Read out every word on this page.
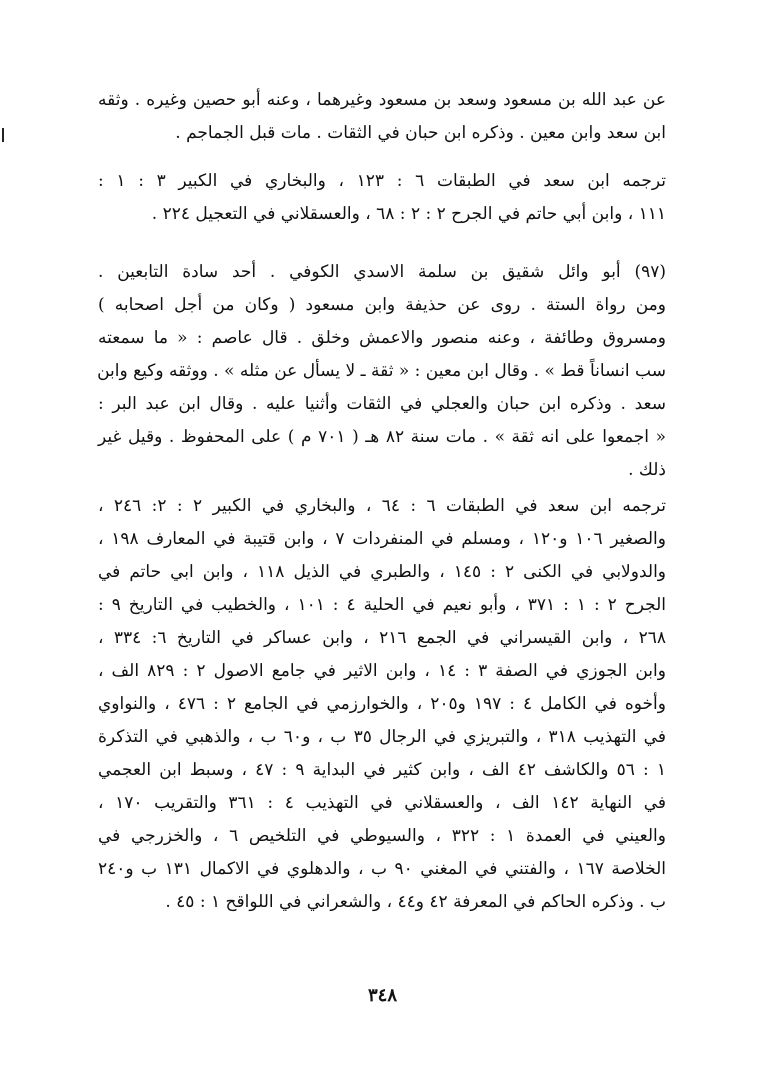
عن عبد الله بن مسعود وسعد بن مسعود وغيرهما ، وعنه أبو حصين وغيره . وثقه
ابن سعد وابن معين . وذكره ابن حبان في الثقات . مات قبل الجماجم .
ترجمه ابن سعد في الطبقات ٦ : ١٢٣ ، والبخاري في الكبير ٣ : ١ :
١١١ ، وابن أبي حاتم في الجرح ٢ : ٢ : ٦٨ ، والعسقلاني في التعجيل ٢٢٤ .
(٩٧) أبو وائل شقيق بن سلمة الاسدي الكوفي . أحد سادة التابعين .
ومن رواة الستة . روى عن حذيفة وابن مسعود ( وكان من أجل اصحابه )
ومسروق وطائفة ، وعنه منصور والاعمش وخلق . قال عاصم : « ما سمعته
سب انساناً قط » . وقال ابن معين : « ثقة ـ لا يسأل عن مثله » . ووثقه وكيع وابن
سعد . وذكره ابن حبان والعجلي في الثقات وأثنيا عليه . وقال ابن عبد البر :
« اجمعوا على انه ثقة » . مات سنة ٨٢ هـ ( ٧٠١ م ) على المحفوظ . وقيل غير
ذلك .
ترجمه ابن سعد في الطبقات ٦ : ٦٤ ، والبخاري في الكبير ٢ : ٢: ٢٤٦ ،
والصغير ١٠٦ و١٢٠ ، ومسلم في المنفردات ٧ ، وابن قتيبة في المعارف ١٩٨ ،
والدولابي في الكنى ٢ : ١٤٥ ، والطبري في الذيل ١١٨ ، وابن ابي حاتم في
الجرح ٢ : ١ : ٣٧١ ، وأبو نعيم في الحلية ٤ : ١٠١ ، والخطيب في التاريخ ٩ :
٢٦٨ ، وابن القيسراني في الجمع ٢١٦ ، وابن عساكر في التاريخ ٦: ٣٣٤ ،
وابن الجوزي في الصفة ٣ : ١٤ ، وابن الاثير في جامع الاصول ٢ : ٨٢٩ الف ،
وأخوه في الكامل ٤ : ١٩٧ و٢٠٥ ، والخوارزمي في الجامع ٢ : ٤٧٦ ، والنواوي
في التهذيب ٣١٨ ، والتبريزي في الرجال ٣٥ ب ، و٦٠ ب ، والذهبي في التذكرة
١ : ٥٦ والكاشف ٤٢ الف ، وابن كثير في البداية ٩ : ٤٧ ، وسبط ابن العجمي
في النهاية ١٤٢ الف ، والعسقلاني في التهذيب ٤ : ٣٦١ والتقريب ١٧٠ ،
والعيني في العمدة ١ : ٣٢٢ ، والسيوطي في التلخيص ٦ ، والخزرجي في
الخلاصة ١٦٧ ، والفتني في المغني ٩٠ ب ، والدهلوي في الاكمال ١٣١ ب و٢٤٠
ب . وذكره الحاكم في المعرفة ٤٢ و٤٤ ، والشعراني في اللواقح ١ : ٤٥ .
٣٤٨
